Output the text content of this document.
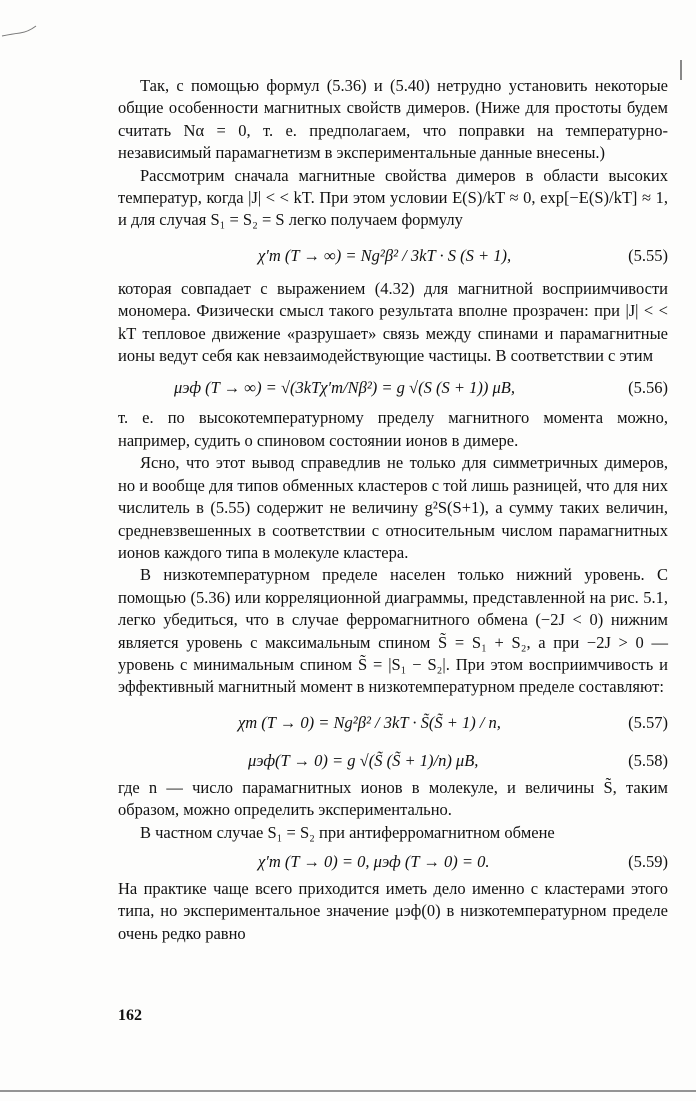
Так, с помощью формул (5.36) и (5.40) нетрудно установить некоторые общие особенности магнитных свойств димеров. (Ниже для простоты будем считать Nα = 0, т. е. предполагаем, что поправки на температурно-независимый парамагнетизм в экспериментальные данные внесены.)

Рассмотрим сначала магнитные свойства димеров в области высоких температур, когда |J| < < kT. При этом условии E(S)/kT ≈ 0, exp[−E(S)/kT] ≈ 1, и для случая S₁ = S₂ = S легко получаем формулу

χ′m (T → ∞) = Ng²β² / 3kT · S (S + 1),	(5.55)

которая совпадает с выражением (4.32) для магнитной восприимчивости мономера. Физически смысл такого результата вполне прозрачен: при |J| < < kT тепловое движение «разрушает» связь между спинами и парамагнитные ионы ведут себя как невзаимодействующие частицы. В соответствии с этим

μэф (T → ∞) = √(3kTχ′m/Nβ²) = g √(S (S + 1)) μB,	(5.56)

т. е. по высокотемпературному пределу магнитного момента можно, например, судить о спиновом состоянии ионов в димере.

Ясно, что этот вывод справедлив не только для симметричных димеров, но и вообще для типов обменных кластеров с той лишь разницей, что для них числитель в (5.55) содержит не величину g²S(S+1), а сумму таких величин, средневзвешенных в соответствии с относительным числом парамагнитных ионов каждого типа в молекуле кластера.

В низкотемпературном пределе населен только нижний уровень. С помощью (5.36) или корреляционной диаграммы, представленной на рис. 5.1, легко убедиться, что в случае ферромагнитного обмена (−2J < 0) нижним является уровень с максимальным спином S̃ = S₁ + S₂, а при −2J > 0 — уровень с минимальным спином S̃ = |S₁ − S₂|. При этом восприимчивость и эффективный магнитный момент в низкотемпературном пределе составляют:

χm (T → 0) = Ng²β² / 3kT · S̃(S̃ + 1) / n,	(5.57)
μэф(T → 0) = g √(S̃ (S̃ + 1)/n) μB,	(5.58)

где n — число парамагнитных ионов в молекуле, и величины S̃, таким образом, можно определить экспериментально.

В частном случае S₁ = S₂ при антиферромагнитном обмене

χ′m (T → 0) = 0, μэф (T → 0) = 0.	(5.59)

На практике чаще всего приходится иметь дело именно с кластерами этого типа, но экспериментальное значение μэф(0) в низкотемпературном пределе очень редко равно

162
